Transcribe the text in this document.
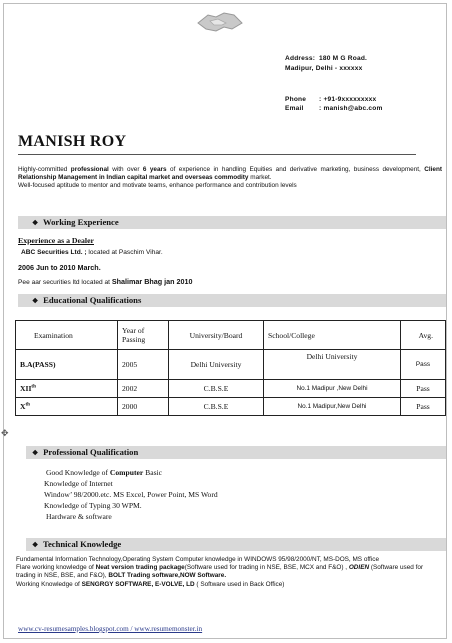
Address: 180 M G Road.
Madipur, Delhi - xxxxxx
Phone : +91-9xxxxxxxxx
Email : manish@abc.com
MANISH ROY
Highly-committed professional with over 6 years of experience in handling Equities and derivative marketing, business development, Client Relationship Management in Indian capital market and overseas commodity market.
Well-focused aptitude to mentor and motivate teams, enhance performance and contribution levels
❖ Working Experience
Experience as a Dealer
ABC Securities Ltd. ; located at Paschim Vihar.
2006 Jun to 2010 March.
Pee aar securities ltd located at Shalimar Bhag jan 2010
❖ Educational Qualifications
Examination	Year of Passing	University/Board	School/College	Avg.
B.A(PASS)	2005	Delhi University	Delhi University	Pass
XIIth	2002	C.B.S.E	No.1 Madipur ,New Delhi	Pass
Xth	2000	C.B.S.E	No.1 Madipur,New Delhi	Pass
✥
❖ Professional Qualification
Good Knowledge of Computer Basic
Knowledge of Internet
Window’ 98/2000.etc. MS Excel, Power Point, MS Word
Knowledge of Typing 30 WPM.
Hardware & software
❖ Technical Knowledge
Fundamental Information Technology,Operating System Computer knowledge in WINDOWS 95/98/2000/NT, MS-DOS, MS office
Flare working knowledge of Neat version trading package(Software used for trading in NSE, BSE, MCX and F&O) , ODIEN (Software used for trading in NSE, BSE, and F&O), BOLT Trading software,NOW Software.
Working Knowledge of SENGRGY SOFTWARE, E-VOLVE, LD ( Software used in Back Office)
www.cv-resumesamples.blogspot.com / www.resumemonster.in
